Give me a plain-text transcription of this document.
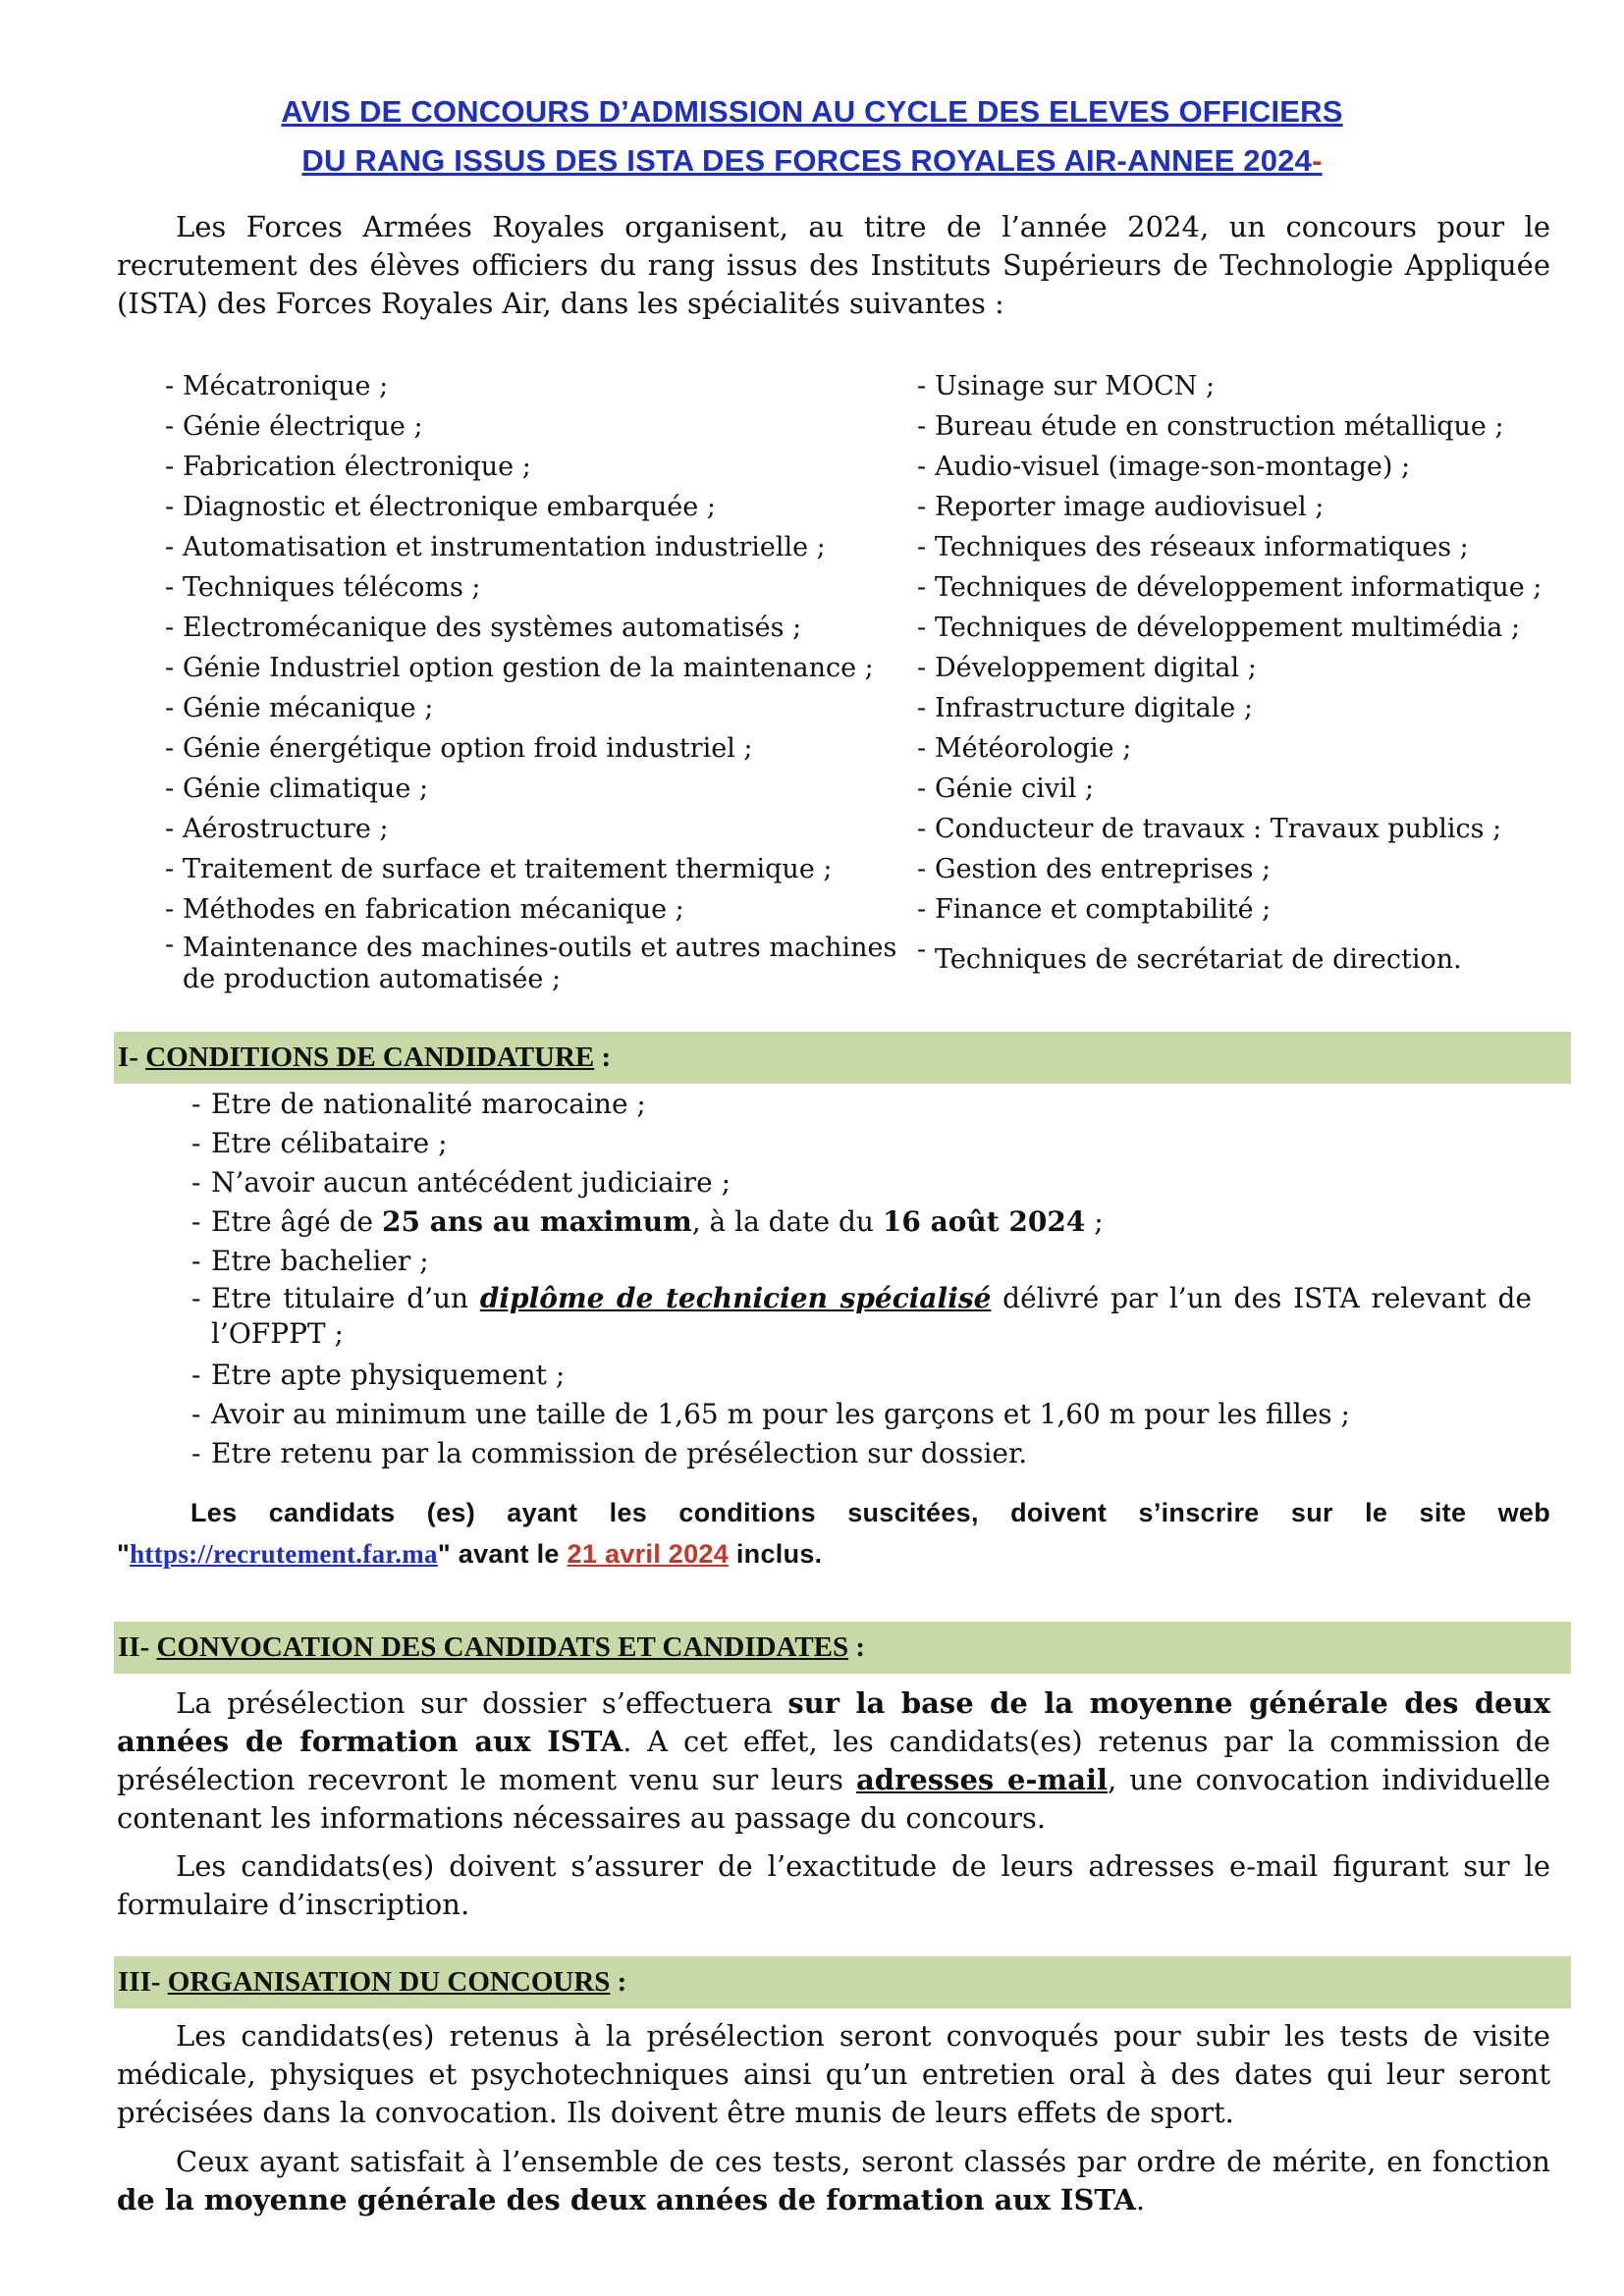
AVIS DE CONCOURS D’ADMISSION AU CYCLE DES ELEVES OFFICIERS
DU RANG ISSUS DES ISTA DES FORCES ROYALES AIR-ANNEE 2024-

Les Forces Armées Royales organisent, au titre de l’année 2024, un concours pour le recrutement des élèves officiers du rang issus des Instituts Supérieurs de Technologie Appliquée (ISTA) des Forces Royales Air, dans les spécialités suivantes :

- Mécatronique ;
- Génie électrique ;
- Fabrication électronique ;
- Diagnostic et électronique embarquée ;
- Automatisation et instrumentation industrielle ;
- Techniques télécoms ;
- Electromécanique des systèmes automatisés ;
- Génie Industriel option gestion de la maintenance ;
- Génie mécanique ;
- Génie énergétique option froid industriel ;
- Génie climatique ;
- Aérostructure ;
- Traitement de surface et traitement thermique ;
- Méthodes en fabrication mécanique ;
- Maintenance des machines-outils et autres machines de production automatisée ;
- Usinage sur MOCN ;
- Bureau étude en construction métallique ;
- Audio-visuel (image-son-montage) ;
- Reporter image audiovisuel ;
- Techniques des réseaux informatiques ;
- Techniques de développement informatique ;
- Techniques de développement multimédia ;
- Développement digital ;
- Infrastructure digitale ;
- Météorologie ;
- Génie civil ;
- Conducteur de travaux : Travaux publics ;
- Gestion des entreprises ;
- Finance et comptabilité ;
- Techniques de secrétariat de direction.
I- CONDITIONS DE CANDIDATURE :
- Etre de nationalité marocaine ;
- Etre célibataire ;
- N’avoir aucun antécédent judiciaire ;
- Etre âgé de 25 ans au maximum, à la date du 16 août 2024 ;
- Etre bachelier ;
- Etre titulaire d’un diplôme de technicien spécialisé délivré par l’un des ISTA relevant de l’OFPPT ;
- Etre apte physiquement ;
- Avoir au minimum une taille de 1,65 m pour les garçons et 1,60 m pour les filles ;
- Etre retenu par la commission de présélection sur dossier.

Les candidats (es) ayant les conditions suscitées, doivent s’inscrire sur le site web "https://recrutement.far.ma" avant le 21 avril 2024 inclus.

II- CONVOCATION DES CANDIDATS ET CANDIDATES :

La présélection sur dossier s’effectuera sur la base de la moyenne générale des deux années de formation aux ISTA. A cet effet, les candidats(es) retenus par la commission de présélection recevront le moment venu sur leurs adresses e-mail, une convocation individuelle contenant les informations nécessaires au passage du concours.

Les candidats(es) doivent s’assurer de l’exactitude de leurs adresses e-mail figurant sur le formulaire d’inscription.

III- ORGANISATION DU CONCOURS :

Les candidats(es) retenus à la présélection seront convoqués pour subir les tests de visite médicale, physiques et psychotechniques ainsi qu’un entretien oral à des dates qui leur seront précisées dans la convocation. Ils doivent être munis de leurs effets de sport.

Ceux ayant satisfait à l’ensemble de ces tests, seront classés par ordre de mérite, en fonction de la moyenne générale des deux années de formation aux ISTA.
